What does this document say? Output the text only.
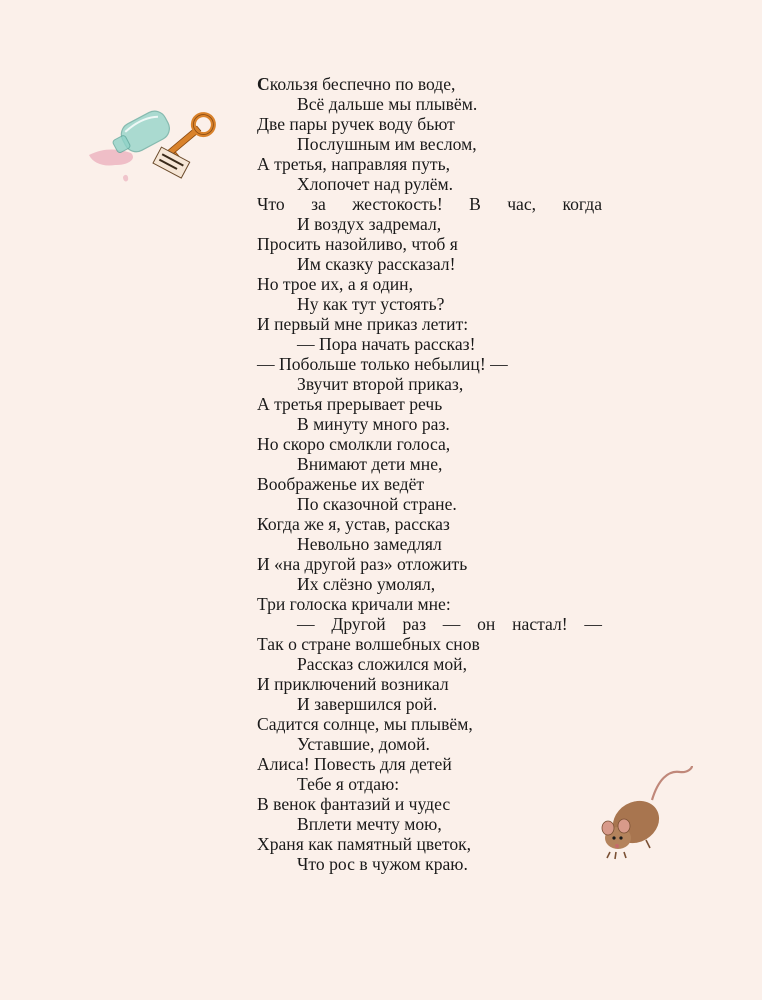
Скользя беспечно по воде,
Всё дальше мы плывём.
Две пары ручек воду бьют
Послушным им веслом,
А третья, направляя путь,
Хлопочет над рулём.
Что за жестокость! В час, когда
И воздух задремал,
Просить назойливо, чтоб я
Им сказку рассказал!
Но трое их, а я один,
Ну как тут устоять?
И первый мне приказ летит:
— Пора начать рассказ!
— Побольше только небылиц! —
Звучит второй приказ,
А третья прерывает речь
В минуту много раз.
Но скоро смолкли голоса,
Внимают дети мне,
Воображенье их ведёт
По сказочной стране.
Когда же я, устав, рассказ
Невольно замедлял
И «на другой раз» отложить
Их слёзно умолял,
Три голоска кричали мне:
— Другой раз — он настал! —
Так о стране волшебных снов
Рассказ сложился мой,
И приключений возникал
И завершился рой.
Садится солнце, мы плывём,
Уставшие, домой.
Алиса! Повесть для детей
Тебе я отдаю:
В венок фантазий и чудес
Вплети мечту мою,
Храня как памятный цветок,
Что рос в чужом краю.
